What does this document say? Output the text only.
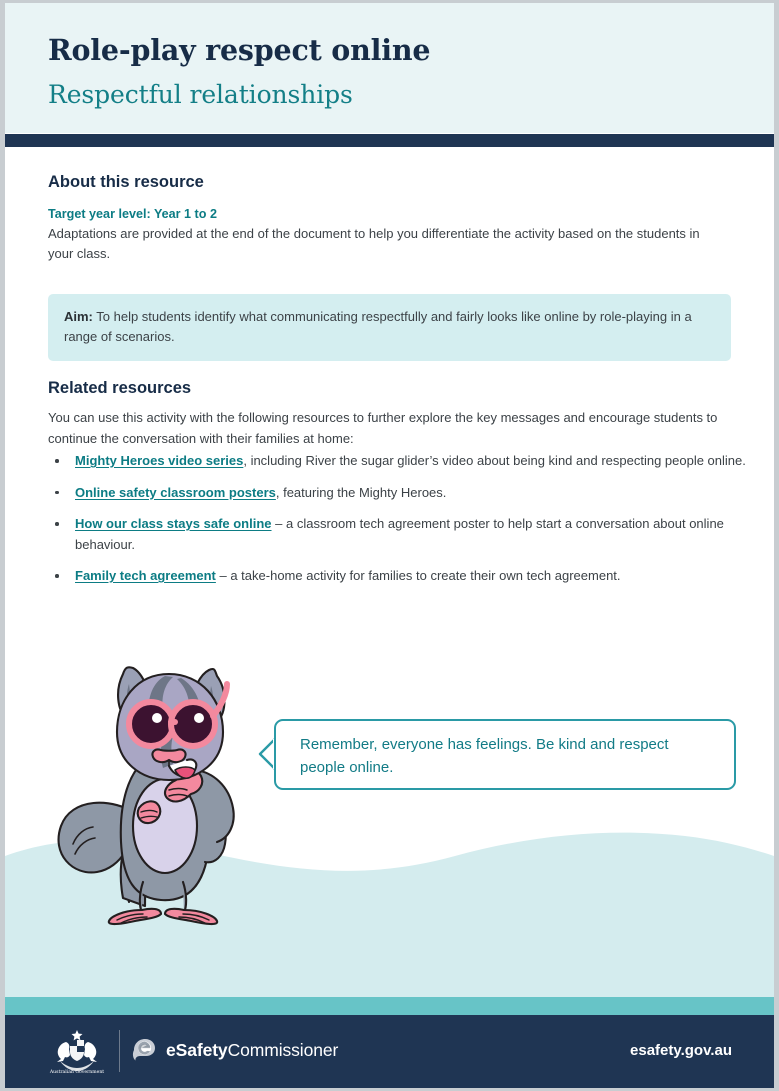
Role-play respect online
Respectful relationships
About this resource
Target year level: Year 1 to 2
Adaptations are provided at the end of the document to help you differentiate the activity based on the students in your class.

Aim: To help students identify what communicating respectfully and fairly looks like online by role-playing in a range of scenarios.

Related resources
You can use this activity with the following resources to further explore the key messages and encourage students to continue the conversation with their families at home:
Mighty Heroes video series, including River the sugar glider’s video about being kind and respecting people online.
Online safety classroom posters, featuring the Mighty Heroes.
How our class stays safe online – a classroom tech agreement poster to help start a conversation about online behaviour.
Family tech agreement – a take-home activity for families to create their own tech agreement.
Remember, everyone has feelings. Be kind and respect people online.
Australian Government
eSafetyCommissioner	esafety.gov.au
